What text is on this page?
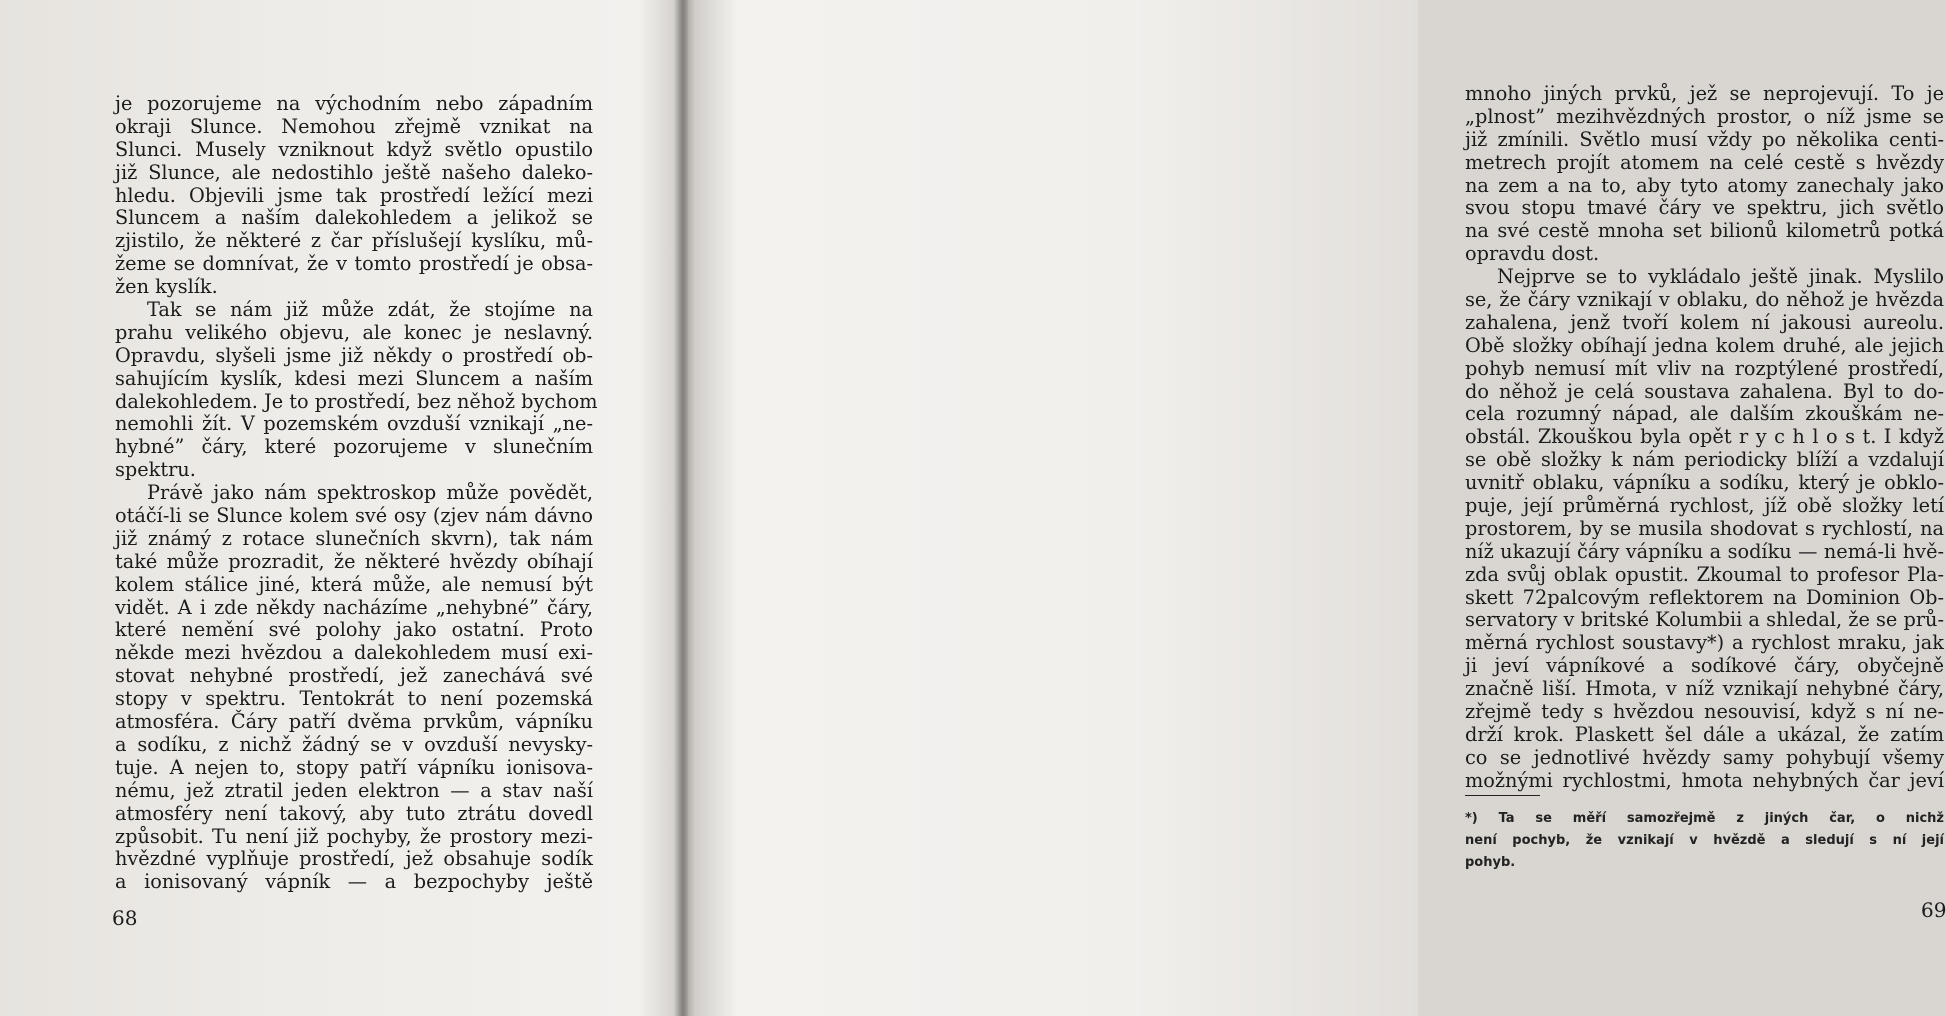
je pozorujeme na východním nebo západním
okraji Slunce. Nemohou zřejmě vznikat na
Slunci. Musely vzniknout když světlo opustilo
již Slunce, ale nedostihlo ještě našeho daleko-
hledu. Objevili jsme tak prostředí ležící mezi
Sluncem a naším dalekohledem a jelikož se
zjistilo, že některé z čar příslušejí kyslíku, mů-
žeme se domnívat, že v tomto prostředí je obsa-
žen kyslík.
Tak se nám již může zdát, že stojíme na
prahu velikého objevu, ale konec je neslavný.
Opravdu, slyšeli jsme již někdy o prostředí ob-
sahujícím kyslík, kdesi mezi Sluncem a naším
dalekohledem. Je to prostředí, bez něhož bychom
nemohli žít. V pozemském ovzduší vznikají „ne-
hybné” čáry, které pozorujeme v slunečním
spektru.
Právě jako nám spektroskop může povědět,
otáčí-li se Slunce kolem své osy (zjev nám dávno
již známý z rotace slunečních skvrn), tak nám
také může prozradit, že některé hvězdy obíhají
kolem stálice jiné, která může, ale nemusí být
vidět. A i zde někdy nacházíme „nehybné” čáry,
které nemění své polohy jako ostatní. Proto
někde mezi hvězdou a dalekohledem musí exi-
stovat nehybné prostředí, jež zanechává své
stopy v spektru. Tentokrát to není pozemská
atmosféra. Čáry patří dvěma prvkům, vápníku
a sodíku, z nichž žádný se v ovzduší nevysky-
tuje. A nejen to, stopy patří vápníku ionisova-
nému, jež ztratil jeden elektron — a stav naší
atmosféry není takový, aby tuto ztrátu dovedl
způsobit. Tu není již pochyby, že prostory mezi-
hvězdné vyplňuje prostředí, jež obsahuje sodík
a ionisovaný vápník — a bezpochyby ještě
68
mnoho jiných prvků, jež se neprojevují. To je
„plnost” mezihvězdných prostor, o níž jsme se
již zmínili. Světlo musí vždy po několika centi-
metrech projít atomem na celé cestě s hvězdy
na zem a na to, aby tyto atomy zanechaly jako
svou stopu tmavé čáry ve spektru, jich světlo
na své cestě mnoha set bilionů kilometrů potká
opravdu dost.
Nejprve se to vykládalo ještě jinak. Myslilo
se, že čáry vznikají v oblaku, do něhož je hvězda
zahalena, jenž tvoří kolem ní jakousi aureolu.
Obě složky obíhají jedna kolem druhé, ale jejich
pohyb nemusí mít vliv na rozptýlené prostředí,
do něhož je celá soustava zahalena. Byl to do-
cela rozumný nápad, ale dalším zkouškám ne-
obstál. Zkouškou byla opět r y c h l o s t. I když
se obě složky k nám periodicky blíží a vzdalují
uvnitř oblaku, vápníku a sodíku, který je obklo-
puje, její průměrná rychlost, jíž obě složky letí
prostorem, by se musila shodovat s rychlostí, na
níž ukazují čáry vápníku a sodíku — nemá-li hvě-
zda svůj oblak opustit. Zkoumal to profesor Pla-
skett 72palcovým reflektorem na Dominion Ob-
servatory v britské Kolumbii a shledal, že se prů-
měrná rychlost soustavy*) a rychlost mraku, jak
ji jeví vápníkové a sodíkové čáry, obyčejně
značně liší. Hmota, v níž vznikají nehybné čáry,
zřejmě tedy s hvězdou nesouvisí, když s ní ne-
drží krok. Plaskett šel dále a ukázal, že zatím
co se jednotlivé hvězdy samy pohybují všemy
možnými rychlostmi, hmota nehybných čar jeví
*) Ta se měří samozřejmě z jiných čar, o nichž
není pochyb, že vznikají v hvězdě a sledují s ní její
pohyb.
69
